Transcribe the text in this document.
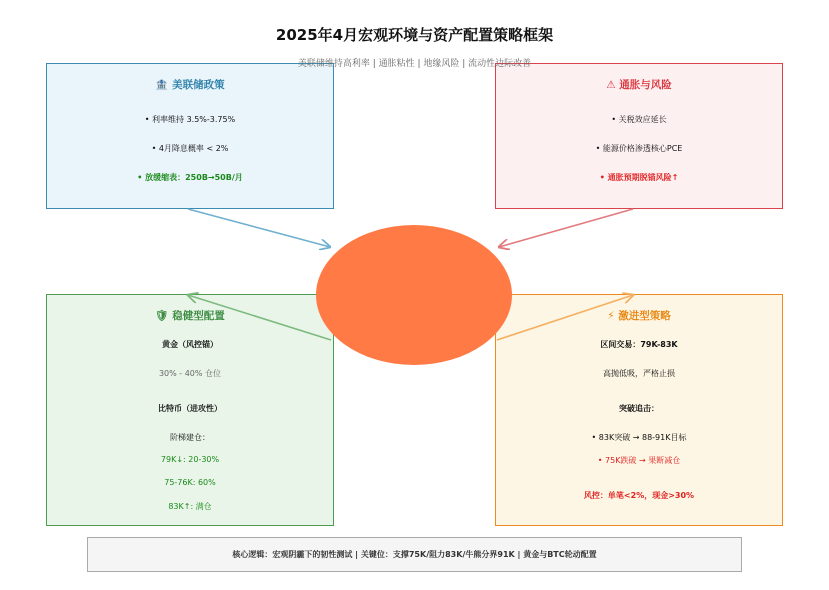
2025年4月宏观环境与资产配置策略框架
🏦 美联储政策
• 利率维持 3.5%-3.75%
• 4月降息概率 < 2%
• 放缓缩表：250B→50B/月
⚠ 通胀与风险
• 关税效应延长
• 能源价格渗透核心PCE
• 通胀预期脱锚风险↑
🛡 稳健型配置
黄金（风控锚）
30% - 40% 仓位
比特币（进攻性）
阶梯建仓：
79K↓: 20-30%
75-76K: 60%
83K↑: 满仓
⚡ 激进型策略
区间交易：79K-83K
高抛低吸，严格止损
突破追击：
• 83K突破 → 88-91K目标
• 75K跌破 → 果断减仓
风控：单笔<2%，现金>30%
美联储维持高利率 | 通胀粘性 | 地缘风险 | 流动性边际改善
核心逻辑：宏观阴霾下的韧性测试 | 关键位：支撑75K/阻力83K/牛熊分界91K | 黄金与BTC轮动配置
